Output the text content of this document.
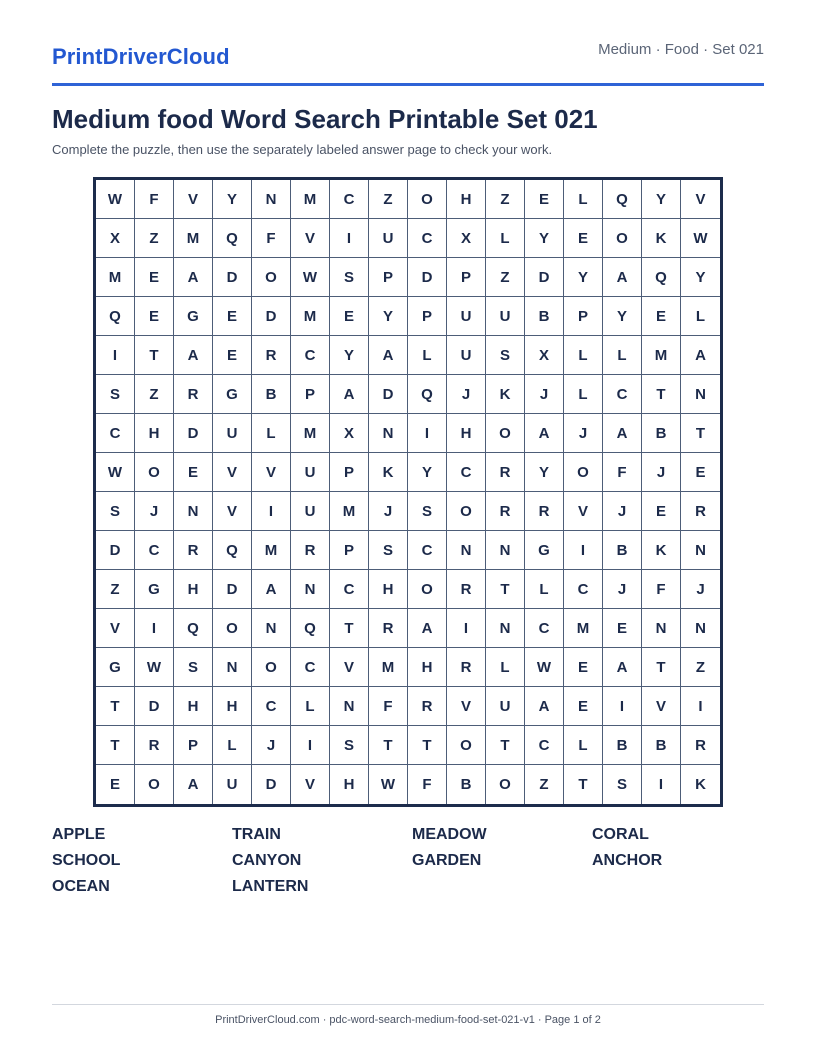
PrintDriverCloud	Medium · Food · Set 021
Medium food Word Search Printable Set 021
Complete the puzzle, then use the separately labeled answer page to check your work.
W	F	V	Y	N	M	C	Z	O	H	Z	E	L	Q	Y	V
X	Z	M	Q	F	V	I	U	C	X	L	Y	E	O	K	W
M	E	A	D	O	W	S	P	D	P	Z	D	Y	A	Q	Y
Q	E	G	E	D	M	E	Y	P	U	U	B	P	Y	E	L
I	T	A	E	R	C	Y	A	L	U	S	X	L	L	M	A
S	Z	R	G	B	P	A	D	Q	J	K	J	L	C	T	N
C	H	D	U	L	M	X	N	I	H	O	A	J	A	B	T
W	O	E	V	V	U	P	K	Y	C	R	Y	O	F	J	E
S	J	N	V	I	U	M	J	S	O	R	R	V	J	E	R
D	C	R	Q	M	R	P	S	C	N	N	G	I	B	K	N
Z	G	H	D	A	N	C	H	O	R	T	L	C	J	F	J
V	I	Q	O	N	Q	T	R	A	I	N	C	M	E	N	N
G	W	S	N	O	C	V	M	H	R	L	W	E	A	T	Z
T	D	H	H	C	L	N	F	R	V	U	A	E	I	V	I
T	R	P	L	J	I	S	T	T	O	T	C	L	B	B	R
E	O	A	U	D	V	H	W	F	B	O	Z	T	S	I	K
APPLE	TRAIN	MEADOW	CORAL
SCHOOL	CANYON	GARDEN	ANCHOR
OCEAN	LANTERN
PrintDriverCloud.com · pdc-word-search-medium-food-set-021-v1 · Page 1 of 2
